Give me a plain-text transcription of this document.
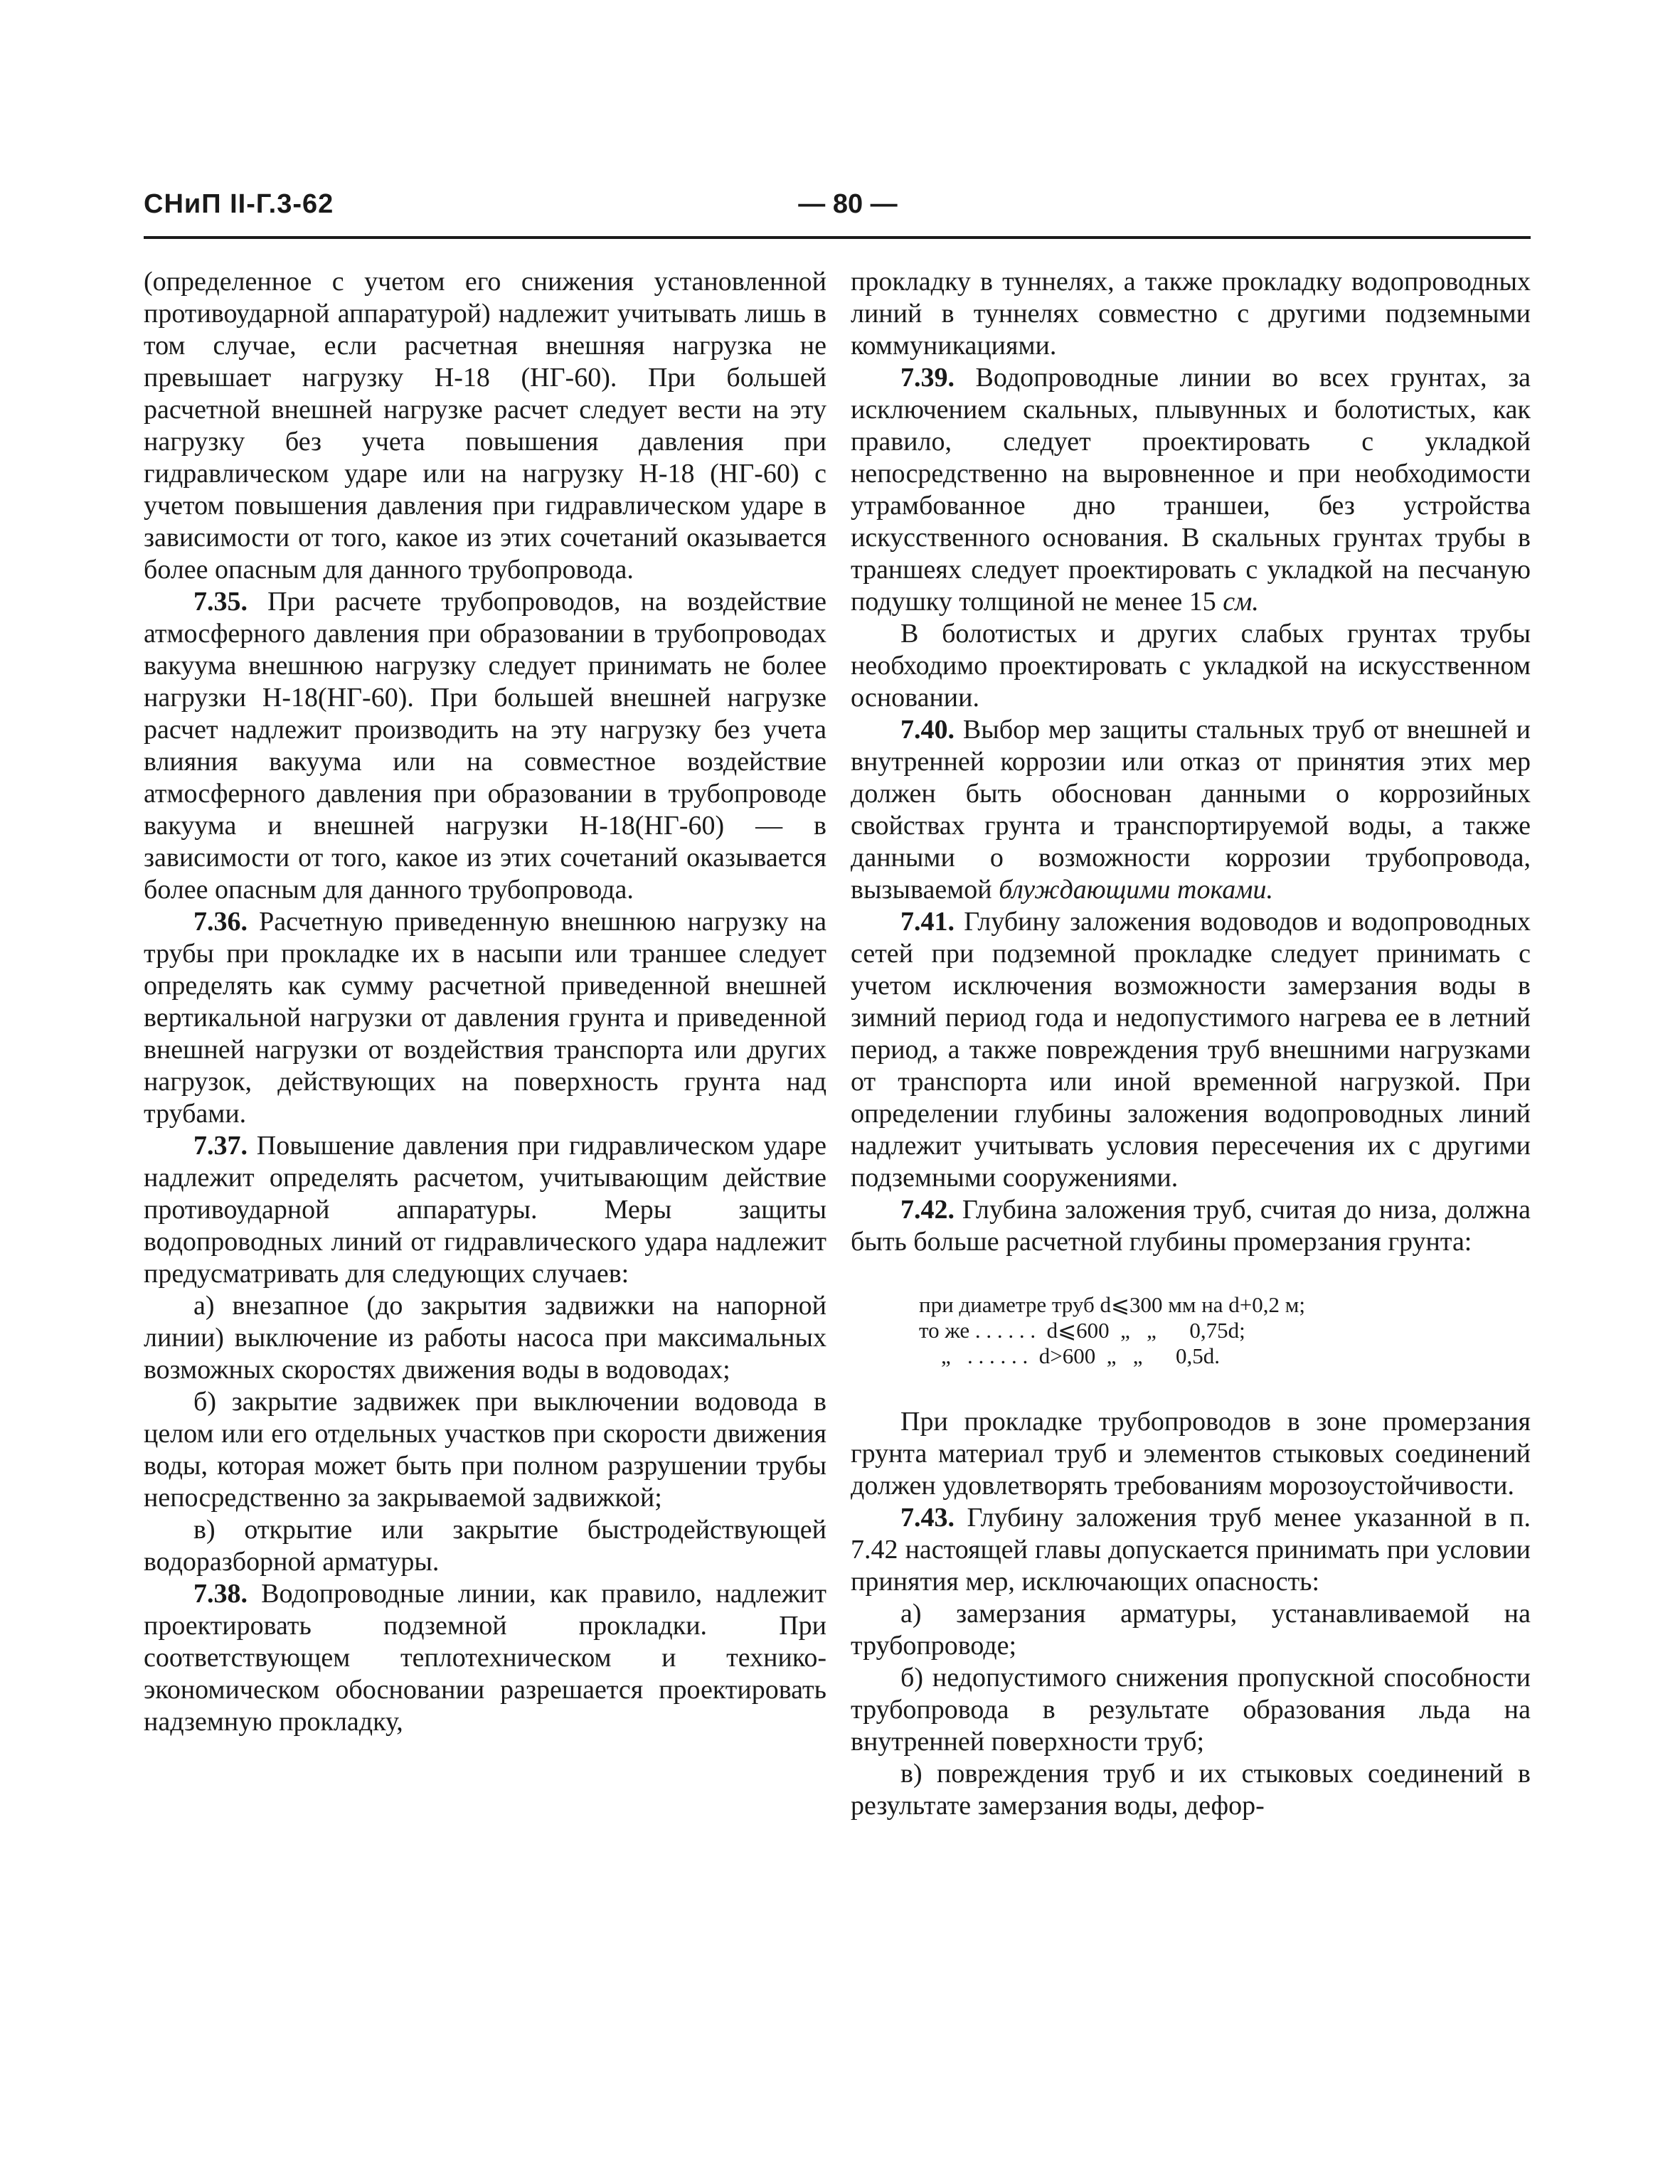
СНиП II-Г.3-62	— 80 —

(определенное с учетом его снижения установленной противоударной аппаратурой) надлежит учитывать лишь в том случае, если расчетная внешняя нагрузка не превышает нагрузку Н-18 (НГ-60). При большей расчетной внешней нагрузке расчет следует вести на эту нагрузку без учета повышения давления при гидравлическом ударе или на нагрузку Н-18 (НГ-60) с учетом повышения давления при гидравлическом ударе в зависимости от того, какое из этих сочетаний оказывается более опасным для данного трубопровода.

7.35. При расчете трубопроводов, на воздействие атмосферного давления при образовании в трубопроводах вакуума внешнюю нагрузку следует принимать не более нагрузки Н-18(НГ-60). При большей внешней нагрузке расчет надлежит производить на эту нагрузку без учета влияния вакуума или на совместное воздействие атмосферного давления при образовании в трубопроводе вакуума и внешней нагрузки Н-18(НГ-60) — в зависимости от того, какое из этих сочетаний оказывается более опасным для данного трубопровода.

7.36. Расчетную приведенную внешнюю нагрузку на трубы при прокладке их в насыпи или траншее следует определять как сумму расчетной приведенной внешней вертикальной нагрузки от давления грунта и приведенной внешней нагрузки от воздействия транспорта или других нагрузок, действующих на поверхность грунта над трубами.

7.37. Повышение давления при гидравлическом ударе надлежит определять расчетом, учитывающим действие противоударной аппаратуры. Меры защиты водопроводных линий от гидравлического удара надлежит предусматривать для следующих случаев:

а) внезапное (до закрытия задвижки на напорной линии) выключение из работы насоса при максимальных возможных скоростях движения воды в водоводах;

б) закрытие задвижек при выключении водовода в целом или его отдельных участков при скорости движения воды, которая может быть при полном разрушении трубы непосредственно за закрываемой задвижкой;

в) открытие или закрытие быстродействующей водоразборной арматуры.

7.38. Водопроводные линии, как правило, надлежит проектировать подземной прокладки. При соответствующем теплотехническом и технико-экономическом обосновании разрешается проектировать надземную прокладку,

прокладку в туннелях, а также прокладку водопроводных линий в туннелях совместно с другими подземными коммуникациями.

7.39. Водопроводные линии во всех грунтах, за исключением скальных, плывунных и болотистых, как правило, следует проектировать с укладкой непосредственно на выровненное и при необходимости утрамбованное дно траншеи, без устройства искусственного основания. В скальных грунтах трубы в траншеях следует проектировать с укладкой на песчаную подушку толщиной не менее 15 см.

В болотистых и других слабых грунтах трубы необходимо проектировать с укладкой на искусственном основании.

7.40. Выбор мер защиты стальных труб от внешней и внутренней коррозии или отказ от принятия этих мер должен быть обоснован данными о коррозийных свойствах грунта и транспортируемой воды, а также данными о возможности коррозии трубопровода, вызываемой блуждающими токами.

7.41. Глубину заложения водоводов и водопроводных сетей при подземной прокладке следует принимать с учетом исключения возможности замерзания воды в зимний период года и недопустимого нагрева ее в летний период, а также повреждения труб внешними нагрузками от транспорта или иной временной нагрузкой. При определении глубины заложения водопроводных линий надлежит учитывать условия пересечения их с другими подземными сооружениями.

7.42. Глубина заложения труб, считая до низа, должна быть больше расчетной глубины промерзания грунта:

при диаметре труб d⩽300 мм на d+0,2 м;
то же . . . . . .  d⩽600  „   „      0,75d;
„   . . . . . .  d>600  „   „      0,5d.

При прокладке трубопроводов в зоне промерзания грунта материал труб и элементов стыковых соединений должен удовлетворять требованиям морозоустойчивости.

7.43. Глубину заложения труб менее указанной в п. 7.42 настоящей главы допускается принимать при условии принятия мер, исключающих опасность:

а) замерзания арматуры, устанавливаемой на трубопроводе;

б) недопустимого снижения пропускной способности трубопровода в результате образования льда на внутренней поверхности труб;

в) повреждения труб и их стыковых соединений в результате замерзания воды, дефор-
